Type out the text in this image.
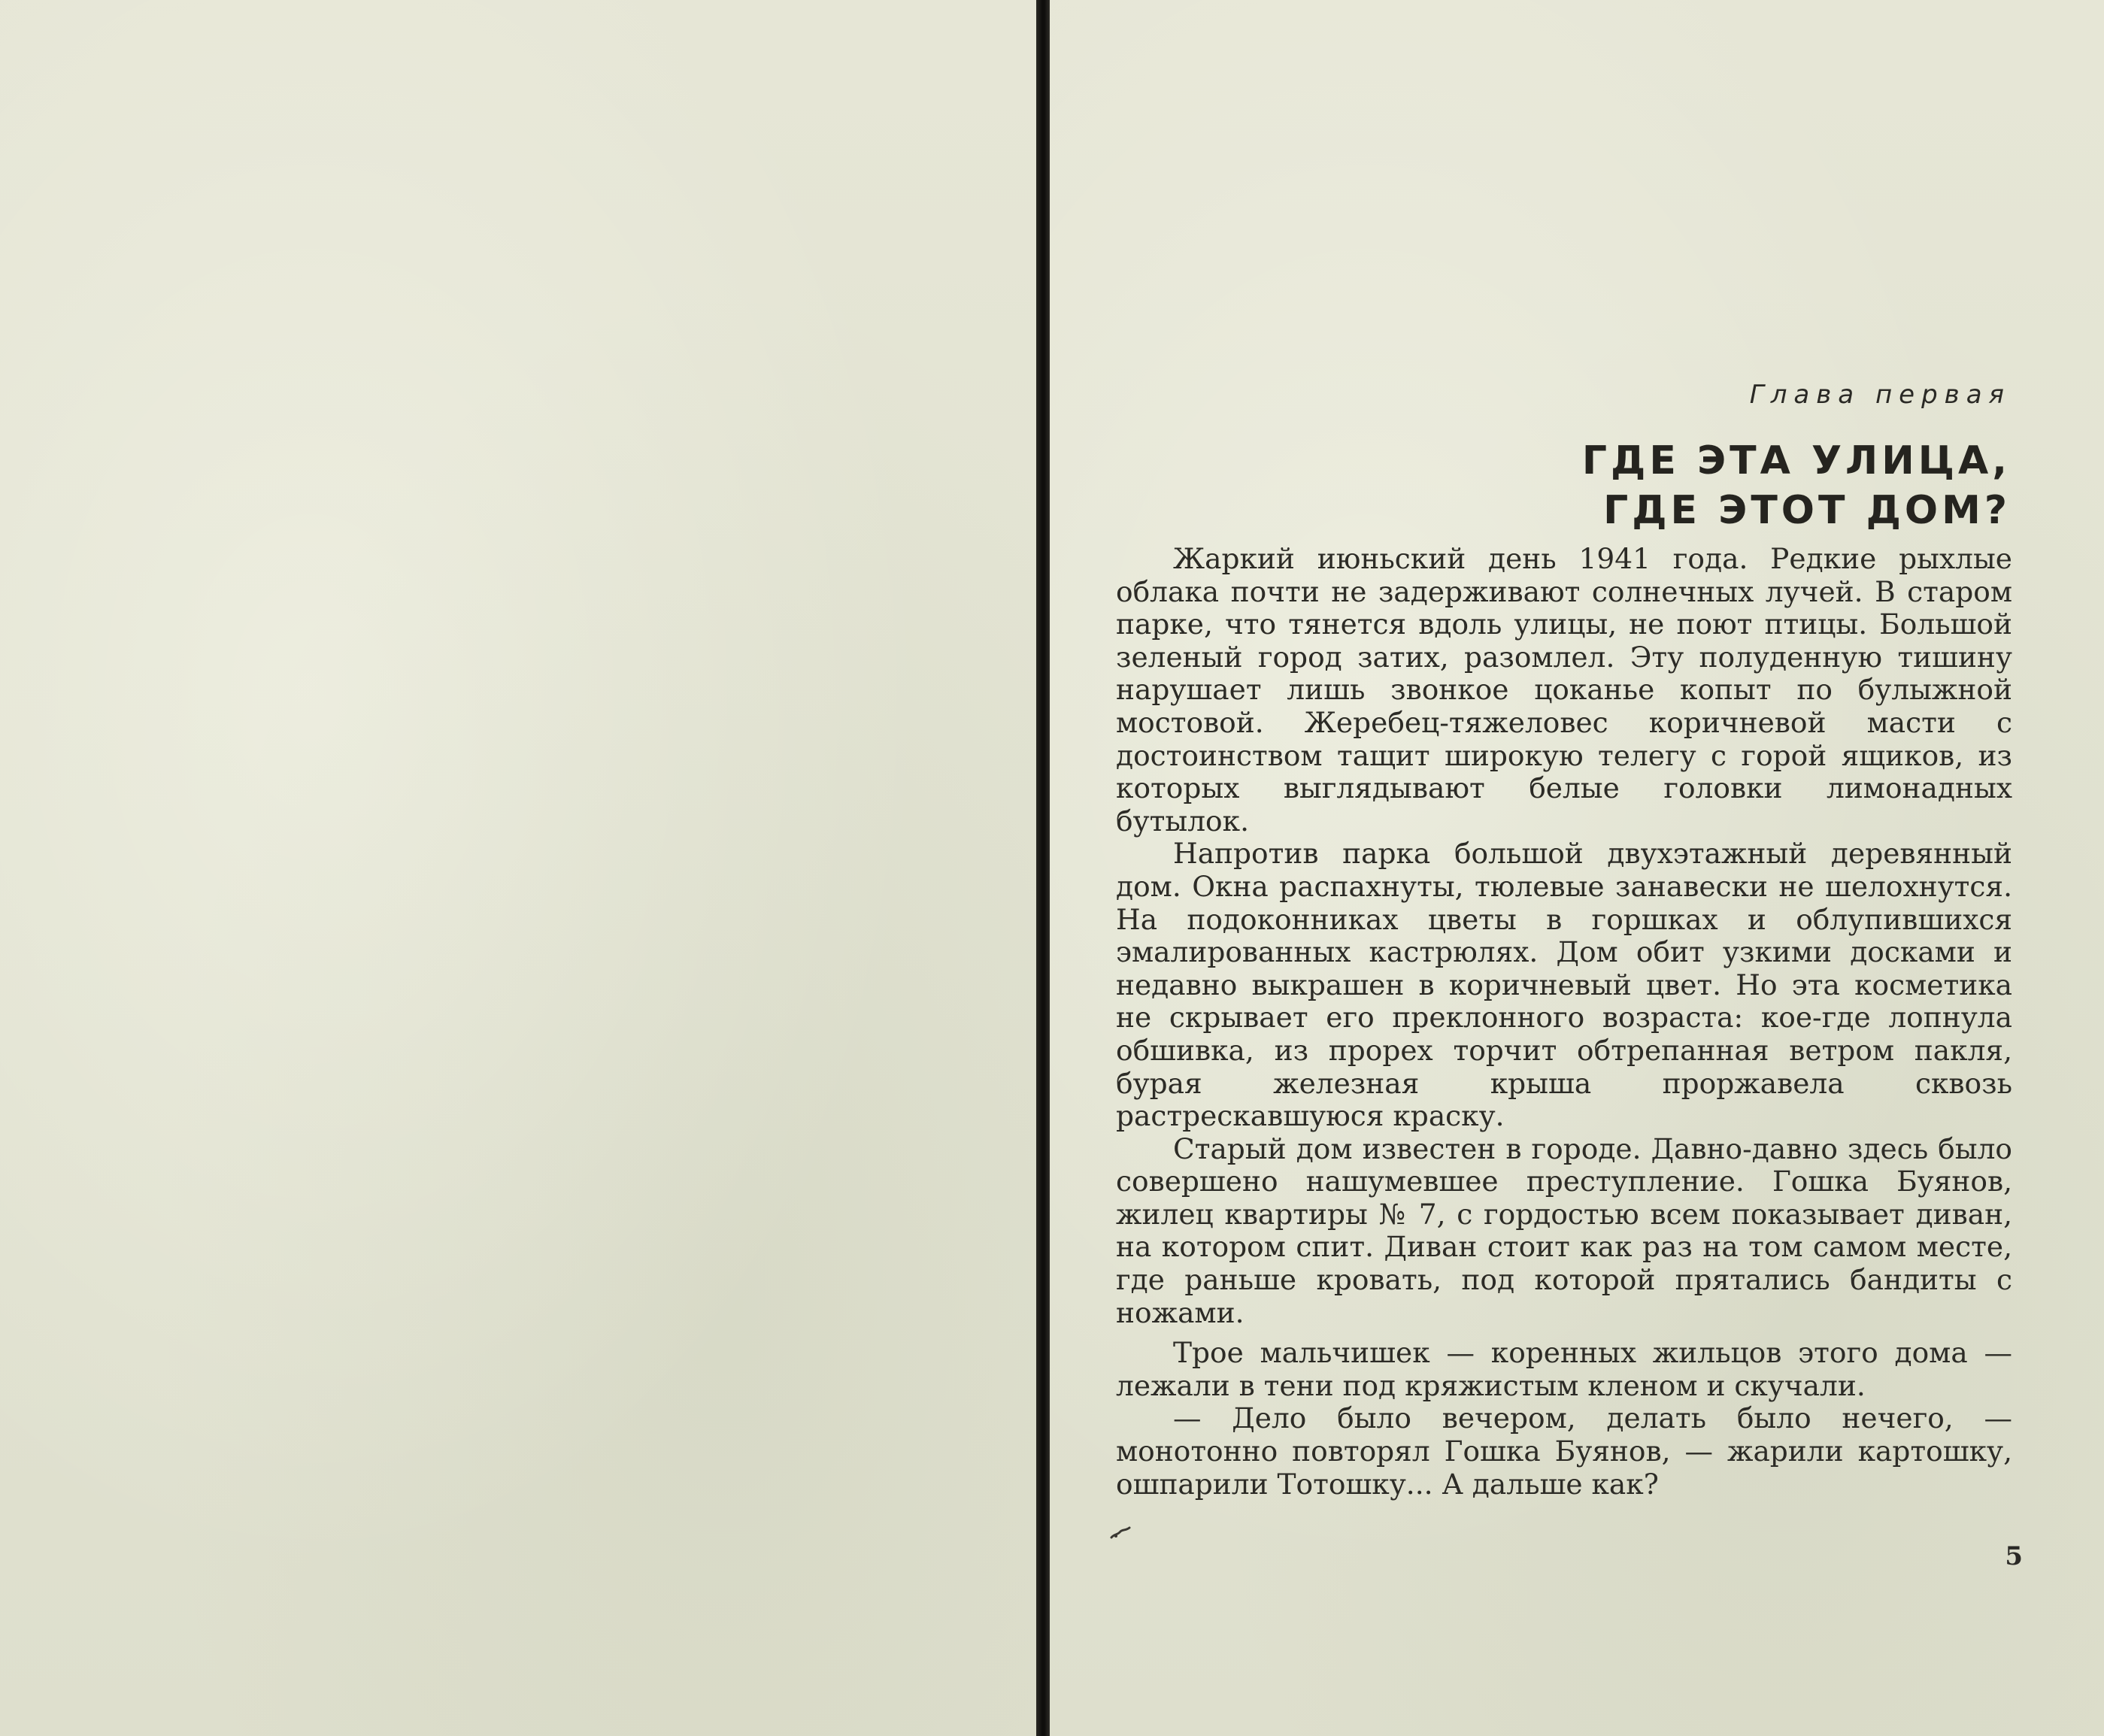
Глава первая
ГДЕ ЭТА УЛИЦА,
ГДЕ ЭТОТ ДОМ?

Жаркий июньский день 1941 года. Редкие рыхлые облака почти не задерживают солнечных лучей. В старом парке, что тянется вдоль улицы, не поют птицы. Большой зеленый город затих, разомлел. Эту полуденную тишину нарушает лишь звонкое цоканье копыт по булыжной мостовой. Жеребец-тяжеловес коричневой масти с достоинством тащит широкую телегу с горой ящиков, из которых выглядывают белые головки лимонадных бутылок.

Напротив парка большой двухэтажный деревянный дом. Окна распахнуты, тюлевые занавески не шелохнутся. На подоконниках цветы в горшках и облупившихся эмалированных кастрюлях. Дом обит узкими досками и недавно выкрашен в коричневый цвет. Но эта косметика не скрывает его преклонного возраста: кое-где лопнула обшивка, из прорех торчит обтрепанная ветром пакля, бурая железная крыша проржавела сквозь растрескавшуюся краску.

Старый дом известен в городе. Давно-давно здесь было совершено нашумевшее преступление. Гошка Буянов, жилец квартиры № 7, с гордостью всем показывает диван, на котором спит. Диван стоит как раз на том самом месте, где раньше кровать, под которой прятались бандиты с ножами.

Трое мальчишек — коренных жильцов этого дома — лежали в тени под кряжистым кленом и скучали.

— Дело было вечером, делать было нечего, — монотонно повторял Гошка Буянов, — жарили картошку, ошпарили Тотошку... А дальше как?

5
